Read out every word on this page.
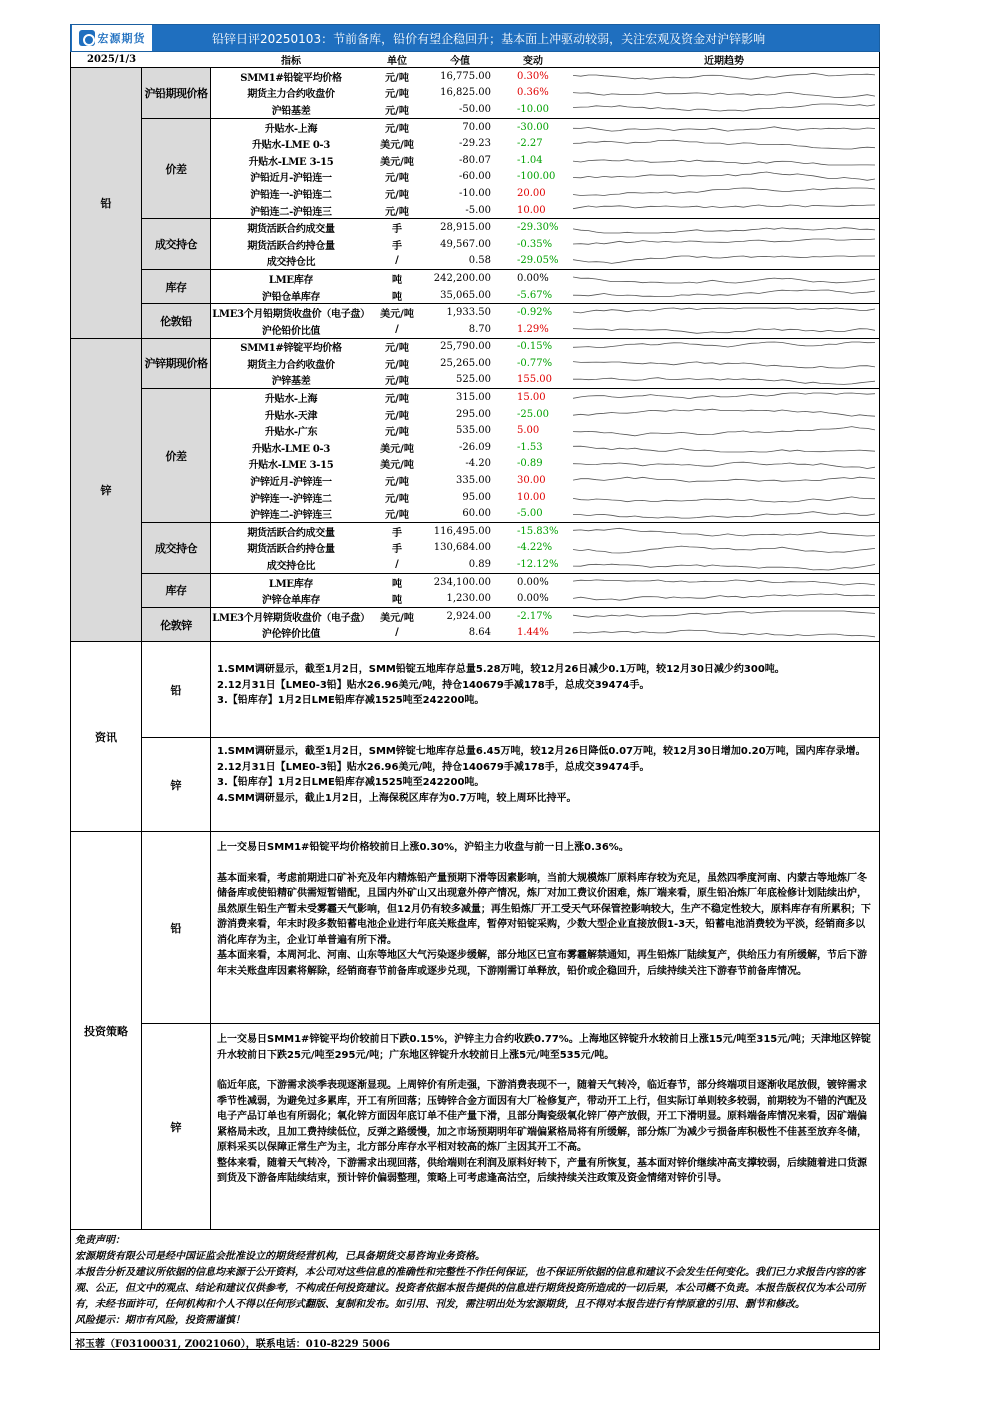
宏源期货	铅锌日评20250103：节前备库，铅价有望企稳回升；基本面上冲驱动较弱，关注宏观及资金对沪锌影响
2025/1/3	指标	单位	今值	变动	近期趋势
铅
沪铅期现价格
SMM1#铅锭平均价格	元/吨	16,775.00	0.30%
期货主力合约收盘价	元/吨	16,825.00	0.36%
沪铅基差	元/吨	-50.00	-10.00
价差
升贴水-上海	元/吨	70.00	-30.00
升贴水-LME 0-3	美元/吨	-29.23	-2.27
升贴水-LME 3-15	美元/吨	-80.07	-1.04
沪铅近月-沪铅连一	元/吨	-60.00	-100.00
沪铅连一-沪铅连二	元/吨	-10.00	20.00
沪铅连二-沪铅连三	元/吨	-5.00	10.00
成交持仓
期货活跃合约成交量	手	28,915.00	-29.30%
期货活跃合约持仓量	手	49,567.00	-0.35%
成交持仓比	/	0.58	-29.05%
库存
LME库存	吨	242,200.00	0.00%
沪铅仓单库存	吨	35,065.00	-5.67%
伦敦铅
LME3个月铅期货收盘价（电子盘）	美元/吨	1,933.50	-0.92%
沪伦铅价比值	/	8.70	1.29%
锌
沪锌期现价格
SMM1#锌锭平均价格	元/吨	25,790.00	-0.15%
期货主力合约收盘价	元/吨	25,265.00	-0.77%
沪锌基差	元/吨	525.00	155.00
价差
升贴水-上海	元/吨	315.00	15.00
升贴水-天津	元/吨	295.00	-25.00
升贴水-广东	元/吨	535.00	5.00
升贴水-LME 0-3	美元/吨	-26.09	-1.53
升贴水-LME 3-15	美元/吨	-4.20	-0.89
沪锌近月-沪锌连一	元/吨	335.00	30.00
沪锌连一-沪锌连二	元/吨	95.00	10.00
沪锌连二-沪锌连三	元/吨	60.00	-5.00
成交持仓
期货活跃合约成交量	手	116,495.00	-15.83%
期货活跃合约持仓量	手	130,684.00	-4.22%
成交持仓比	/	0.89	-12.12%
库存
LME库存	吨	234,100.00	0.00%
沪锌仓单库存	吨	1,230.00	0.00%
伦敦锌
LME3个月锌期货收盘价（电子盘）	美元/吨	2,924.00	-2.17%
沪伦锌价比值	/	8.64	1.44%
资讯
铅

1.SMM调研显示，截至1月2日，SMM铅锭五地库存总量5.28万吨，较12月26日减少0.1万吨，较12月30日减少约300吨。

2.12月31日【LME0-3铅】贴水26.96美元/吨，持仓140679手减178手，总成交39474手。

3.【铅库存】1月2日LME铅库存减1525吨至242200吨。

锌

1.SMM调研显示，截至1月2日，SMM锌锭七地库存总量6.45万吨，较12月26日降低0.07万吨，较12月30日增加0.20万吨，国内库存录增。

2.12月31日【LME0-3铅】贴水26.96美元/吨，持仓140679手减178手，总成交39474手。

3.【铅库存】1月2日LME铅库存减1525吨至242200吨。

4.SMM调研显示，截止1月2日，上海保税区库存为0.7万吨，较上周环比持平。

投资策略
铅

上一交易日SMM1#铅锭平均价格较前日上涨0.30%，沪铅主力收盘与前一日上涨0.36%。

基本面来看，考虑前期进口矿补充及年内精炼铅产量预期下滑等因素影响，当前大规模炼厂原料库存较为充足，虽然四季度河南、内蒙古等地炼厂冬储备库或使铅精矿供需短暂错配，且国内外矿山又出现意外停产情况，炼厂对加工费议价困难，炼厂端来看，原生铅冶炼厂年底检修计划陆续出炉，虽然原生铅生产暂未受雾霾天气影响，但12月仍有较多减量；再生铅炼厂开工受天气环保管控影响较大，生产不稳定性较大，原料库存有所累积；下游消费来看，年末时段多数铅蓄电池企业进行年底关账盘库，暂停对铅锭采购，少数大型企业直接放假1-3天，铅蓄电池消费较为平淡，经销商多以消化库存为主，企业订单普遍有所下滑。

基本面来看，本周河北、河南、山东等地区大气污染逐步缓解，部分地区已宣布雾霾解禁通知，再生铅炼厂陆续复产，供给压力有所缓解，节后下游年末关账盘库因素将解除，经销商春节前备库或逐步兑现，下游刚需订单释放，铅价或企稳回升，后续持续关注下游春节前备库情况。

锌

上一交易日SMM1#锌锭平均价较前日下跌0.15%，沪锌主力合约收跌0.77%。上海地区锌锭升水较前日上涨15元/吨至315元/吨；天津地区锌锭升水较前日下跌25元/吨至295元/吨；广东地区锌锭升水较前日上涨5元/吨至535元/吨。

临近年底，下游需求淡季表现逐渐显现。上周锌价有所走强，下游消费表现不一，随着天气转冷，临近春节，部分终端项目逐渐收尾放假，镀锌需求季节性减弱，为避免过多累库，开工有所回落；压铸锌合金方面因有大厂检修复产，带动开工上行，但实际订单则较多较弱，前期较为不错的汽配及电子产品订单也有所弱化；氧化锌方面因年底订单不佳产量下滑，且部分陶瓷级氧化锌厂停产放假，开工下滑明显。原料端备库情况来看，因矿端偏紧格局未改，且加工费持续低位，反弹之路缓慢，加之市场预期明年矿端偏紧格局将有所缓解，部分炼厂为减少亏损备库积极性不佳甚至放弃冬储，原料采买以保障正常生产为主，北方部分库存水平相对较高的炼厂主因其开工不高。

整体来看，随着天气转冷，下游需求出现回落，供给端则在利润及原料好转下，产量有所恢复，基本面对锌价继续冲高支撑较弱，后续随着进口货源到货及下游备库陆续结束，预计锌价偏弱整理，策略上可考虑逢高沽空，后续持续关注政策及资金情绪对锌价引导。

免责声明：
宏源期货有限公司是经中国证监会批准设立的期货经营机构，已具备期货交易咨询业务资格。
本报告分析及建议所依据的信息均来源于公开资料，本公司对这些信息的准确性和完整性不作任何保证，也不保证所依据的信息和建议不会发生任何变化。我们已力求报告内容的客观、公正，但文中的观点、结论和建议仅供参考，不构成任何投资建议。投资者依据本报告提供的信息进行期货投资所造成的一切后果，本公司概不负责。本报告版权仅为本公司所有，未经书面许可，任何机构和个人不得以任何形式翻版、复制和发布。如引用、刊发，需注明出处为宏源期货，且不得对本报告进行有悖原意的引用、删节和修改。
风险提示：期市有风险，投资需谨慎！
祁玉蓉（F03100031, Z0021060），联系电话：010-8229 5006
